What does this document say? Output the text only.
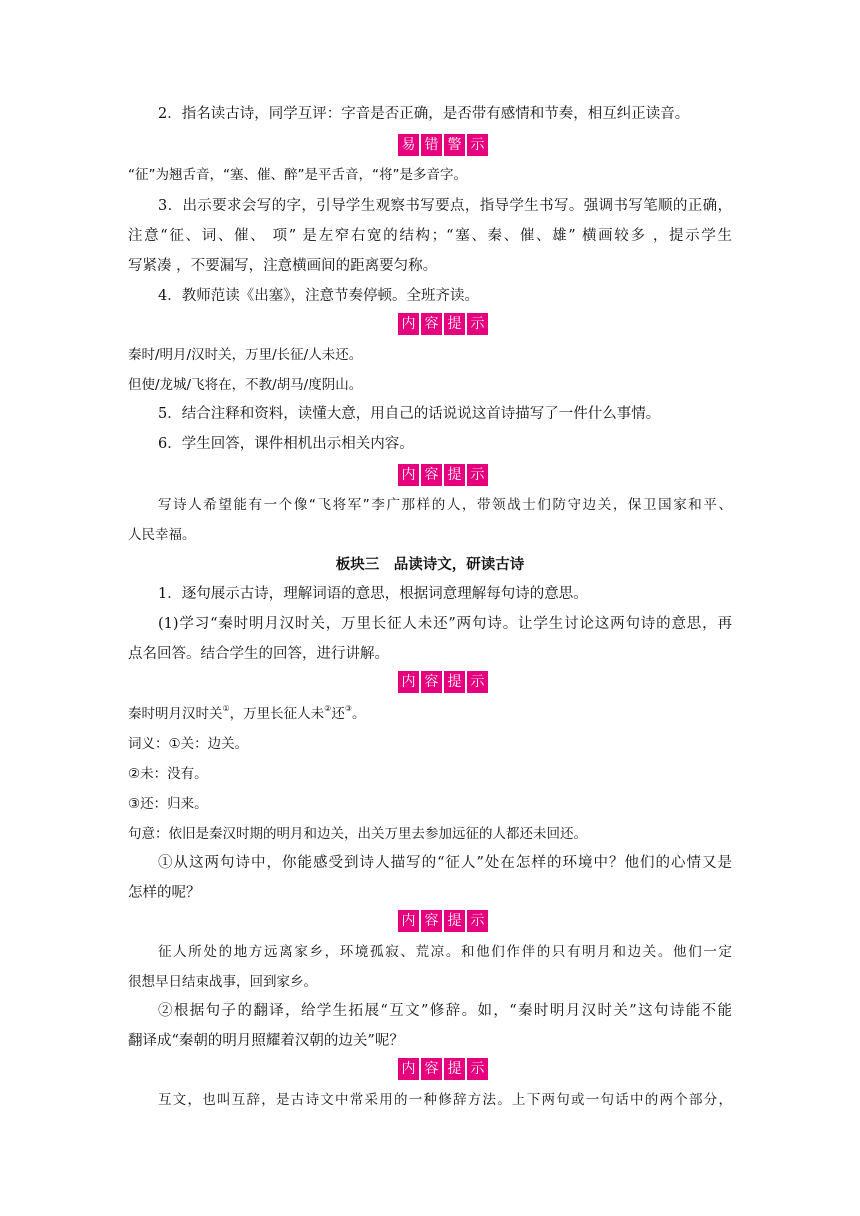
2．指名读古诗，同学互评：字音是否正确，是否带有感情和节奏，相互纠正读音。
易 错 警 示
“征”为翘舌音，“塞、催、醉”是平舌音，“将”是多音字。
3．出示要求会写的字，引导学生观察书写要点，指导学生书写。强调书写笔顺的正确，
注意“征、词、催、 项” 是左窄右宽的结构；“塞、秦、催、雄” 横画较多 ，提示学生
写紧凑 ，不要漏写，注意横画间的距离要匀称。
4．教师范读《出塞》，注意节奏停顿。全班齐读。
内 容 提 示
秦时/明月/汉时关，万里/长征/人未还。
但使/龙城/飞将在，不教/胡马/度阴山。
5．结合注释和资料，读懂大意，用自己的话说说这首诗描写了一件什么事情。
6．学生回答，课件相机出示相关内容。
内 容 提 示
写诗人希望能有一个像“飞将军”李广那样的人，带领战士们防守边关，保卫国家和平、
人民幸福。
板块三　品读诗文，研读古诗
1．逐句展示古诗，理解词语的意思，根据词意理解每句诗的意思。
(1)学习“秦时明月汉时关，万里长征人未还”两句诗。让学生讨论这两句诗的意思，再
点名回答。结合学生的回答，进行讲解。
内 容 提 示
秦时明月汉时关①，万里长征人未②还③。
词义：①关：边关。
②未：没有。
③还：归来。
句意：依旧是秦汉时期的明月和边关，出关万里去参加远征的人都还未回还。
①从这两句诗中，你能感受到诗人描写的“征人”处在怎样的环境中？他们的心情又是
怎样的呢？
内 容 提 示
征人所处的地方远离家乡，环境孤寂、荒凉。和他们作伴的只有明月和边关。他们一定
很想早日结束战事，回到家乡。
②根据句子的翻译，给学生拓展“互文”修辞。如，“秦时明月汉时关”这句诗能不能
翻译成“秦朝的明月照耀着汉朝的边关”呢？
内 容 提 示
互文，也叫互辞，是古诗文中常采用的一种修辞方法。上下两句或一句话中的两个部分，
